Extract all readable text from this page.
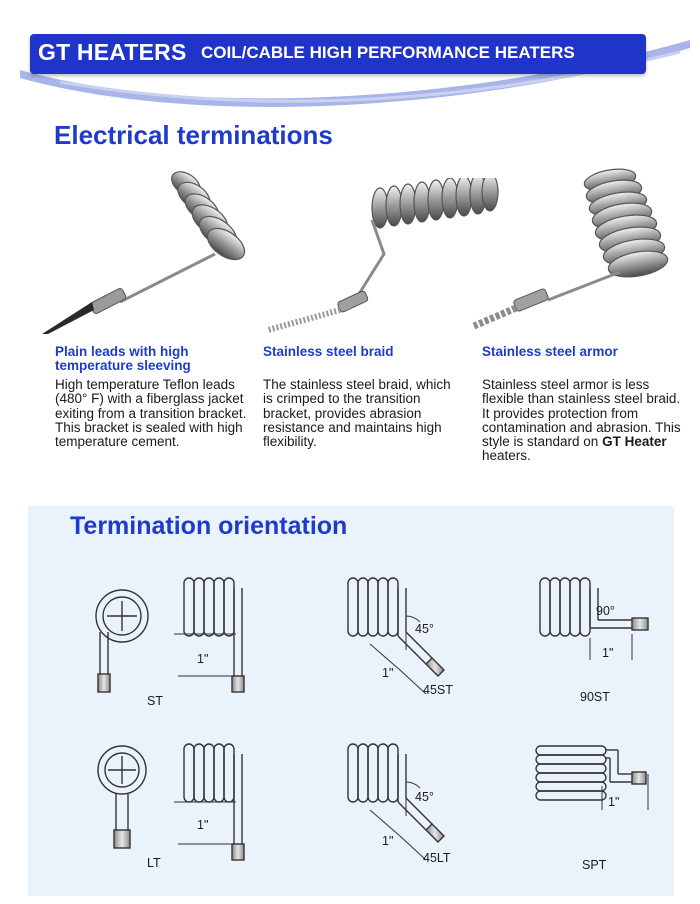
GT HEATERS COIL/CABLE HIGH PERFORMANCE HEATERS
Electrical terminations
Plain leads with high temperature sleeving
High temperature Teflon leads (480° F) with a fiberglass jacket exiting from a transition bracket. This bracket is sealed with high temperature cement.
Stainless steel braid
The stainless steel braid, which is crimped to the transition bracket, provides abrasion resistance and maintains high flexibility.
Stainless steel armor
Stainless steel armor is less flexible than stainless steel braid. It provides protection from contamination and abrasion. This style is standard on GT Heater heaters.
Termination orientation
1"
ST
45°
1"
45ST
90°
1"
90ST
1"
LT
45°
1"
45LT
1"
SPT
